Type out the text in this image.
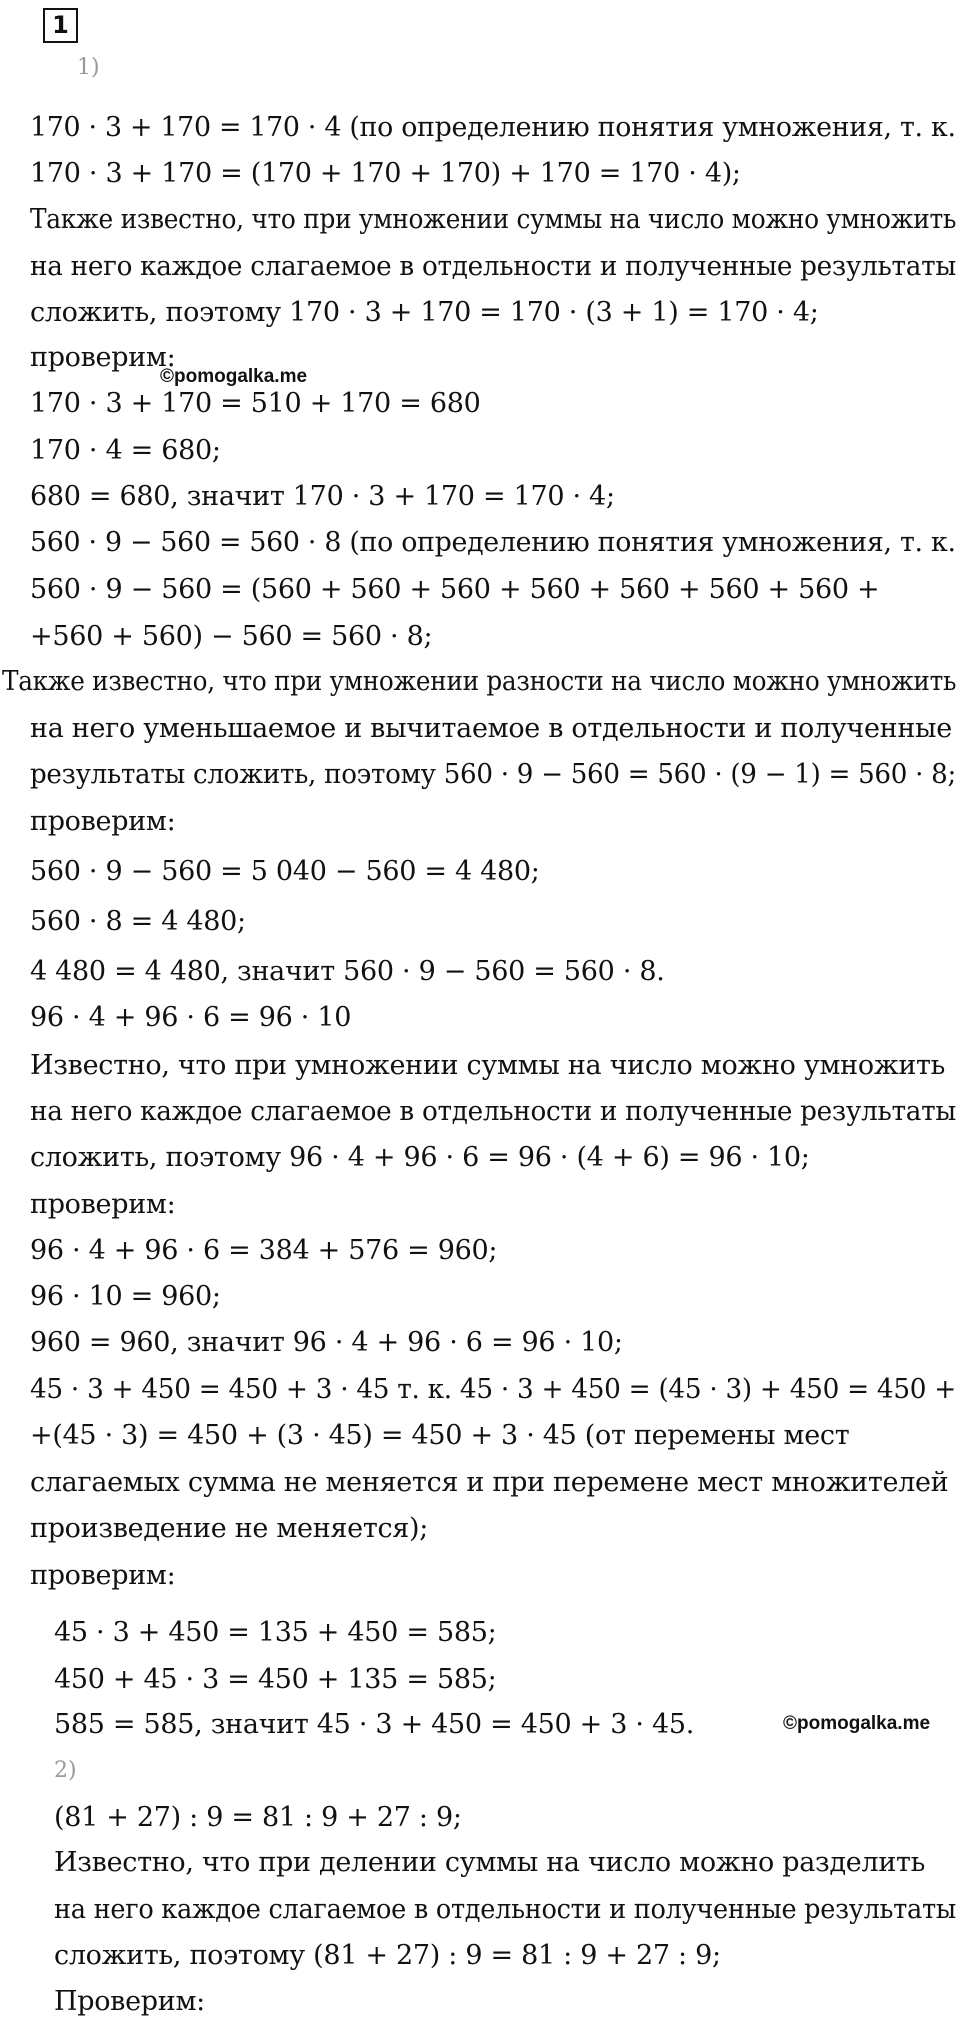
1
1)
170 · 3 + 170 = 170 · 4 (по определению понятия умножения, т. к.
170 · 3 + 170 = (170 + 170 + 170) + 170 = 170 · 4);
Также известно, что при умножении суммы на число можно умножить
на него каждое слагаемое в отдельности и полученные результаты
сложить, поэтому 170 · 3 + 170 = 170 · (3 + 1) = 170 · 4;
проверим:
©pomogalka.me
170 · 3 + 170 = 510 + 170 = 680
170 · 4 = 680;
680 = 680, значит 170 · 3 + 170 = 170 · 4;
560 · 9 − 560 = 560 · 8 (по определению понятия умножения, т. к.
560 · 9 − 560 = (560 + 560 + 560 + 560 + 560 + 560 + 560 +
+560 + 560) − 560 = 560 · 8;
Также известно, что при умножении разности на число можно умножить
на него уменьшаемое и вычитаемое в отдельности и полученные
результаты сложить, поэтому 560 · 9 − 560 = 560 · (9 − 1) = 560 · 8;
проверим:
560 · 9 − 560 = 5 040 − 560 = 4 480;
560 · 8 = 4 480;
4 480 = 4 480, значит 560 · 9 − 560 = 560 · 8.
96 · 4 + 96 · 6 = 96 · 10
Известно, что при умножении суммы на число можно умножить
на него каждое слагаемое в отдельности и полученные результаты
сложить, поэтому 96 · 4 + 96 · 6 = 96 · (4 + 6) = 96 · 10;
проверим:
96 · 4 + 96 · 6 = 384 + 576 = 960;
96 · 10 = 960;
960 = 960, значит 96 · 4 + 96 · 6 = 96 · 10;
45 · 3 + 450 = 450 + 3 · 45 т. к. 45 · 3 + 450 = (45 · 3) + 450 = 450 +
+(45 · 3) = 450 + (3 · 45) = 450 + 3 · 45 (от перемены мест
слагаемых сумма не меняется и при перемене мест множителей
произведение не меняется);
проверим:
45 · 3 + 450 = 135 + 450 = 585;
450 + 45 · 3 = 450 + 135 = 585;
585 = 585, значит 45 · 3 + 450 = 450 + 3 · 45.	©pomogalka.me
2)
(81 + 27) : 9 = 81 : 9 + 27 : 9;
Известно, что при делении суммы на число можно разделить
на него каждое слагаемое в отдельности и полученные результаты
сложить, поэтому (81 + 27) : 9 = 81 : 9 + 27 : 9;
Проверим:
